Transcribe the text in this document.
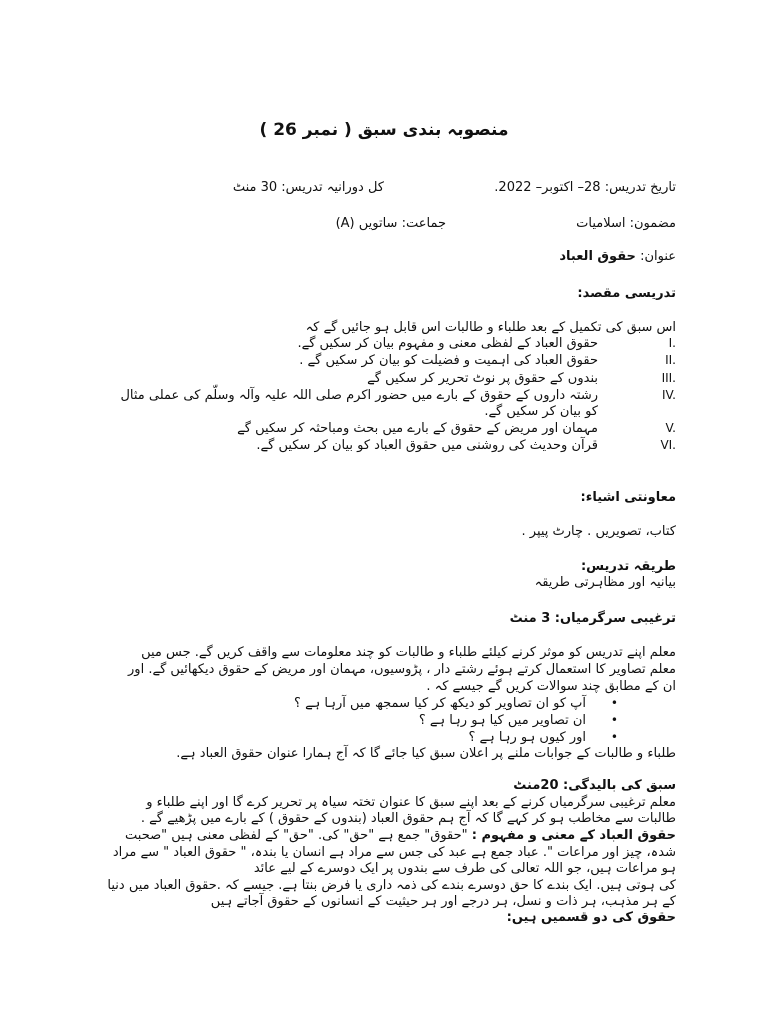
منصوبہ بندی سبق ( نمبر 26 )
تاریخ تدریس: 28– اکتوبر– 2022.
کل دورانیہ تدریس: 30 منٹ
مضمون: اسلامیات
(A) جماعت: ساتویں
عنوان: حقوق العباد
تدریسی مقصد:
اس سبق کی تکمیل کے بعد طلباء و طالبات اس قابل ہو جائیں گے کہ
I.
حقوق العباد کے لفظی معنی و مفہوم بیان کر سکیں گے.
II.
حقوق العباد کی اہمیت و فضیلت کو بیان کر سکیں گے .
III.
بندوں کے حقوق پر نوٹ تحریر کر سکیں گے
IV.
رشتہ داروں کے حقوق کے بارے میں حضور اکرم صلی اللہ علیہ وآلہ وسلّم کی عملی مثال
کو بیان کر سکیں گے.
V.
مہمان اور مریض کے حقوق کے بارے میں بحث ومباحثہ کر سکیں گے
VI.
قرآن وحدیث کی روشنی میں حقوق العباد کو بیان کر سکیں گے.
معاونتی اشیاء:
کتاب، تصویریں . چارٹ پیپر .
طریقہ تدریس:
بیانیہ اور مظاہرتی طریقہ
ترغیبی سرگرمیاں: 3 منٹ
معلم اپنے تدریس کو موثر کرنے کیلئے طلباء و طالبات کو چند معلومات سے واقف کریں گے. جس میں
معلم تصاویر کا استعمال کرتے ہوئے رشتے دار ، پڑوسیوں، مہمان اور مریض کے حقوق دیکھائیں گے. اور
ان کے مطابق چند سوالات کریں گے جیسے کہ .
•
آپ کو ان تصاویر کو دیکھ کر کیا سمجھ میں آرہا ہے ؟
•
ان تصاویر میں کیا ہو رہا ہے ؟
•
اور کیوں ہو رہا ہے ؟
طلباء و طالبات کے جوابات ملنے پر اعلان سبق کیا جائے گا کہ آج ہمارا عنوان حقوق العباد ہے.
سبق کی بالیدگی: 20منٹ
معلم ترغیبی سرگرمیاں کرنے کے بعد اپنے سبق کا عنوان تختہ سیاہ پر تحریر کرے گا اور اپنے طلباء و
طالبات سے مخاطب ہو کر کہے گا کہ آج ہم حقوق العباد (بندوں کے حقوق ) کے بارے میں پڑھیے گے .
حقوق العباد کے معنی و مفہوم : "حقوق" جمع ہے "حق" کی. "حق" کے لفظی معنی ہیں "صحبت
شدہ، چیز اور مراعات ". عباد جمع ہے عبد کی جس سے مراد ہے انسان یا بندہ، " حقوق العباد " سے مراد
ہو مراعات ہیں، جو اللہ تعالی کی طرف سے بندوں پر ایک دوسرے کے لیے عائد
کی ہوتی ہیں. ایک بندے کا حق دوسرے بندے کی ذمہ داری یا فرض بنتا ہے. جیسے کہ .حقوق العباد میں دنیا
کے ہر مذہب، ہر ذات و نسل، ہر درجے اور ہر حیثیت کے انسانوں کے حقوق آجاتے ہیں
حقوق کی دو قسمیں ہیں:
